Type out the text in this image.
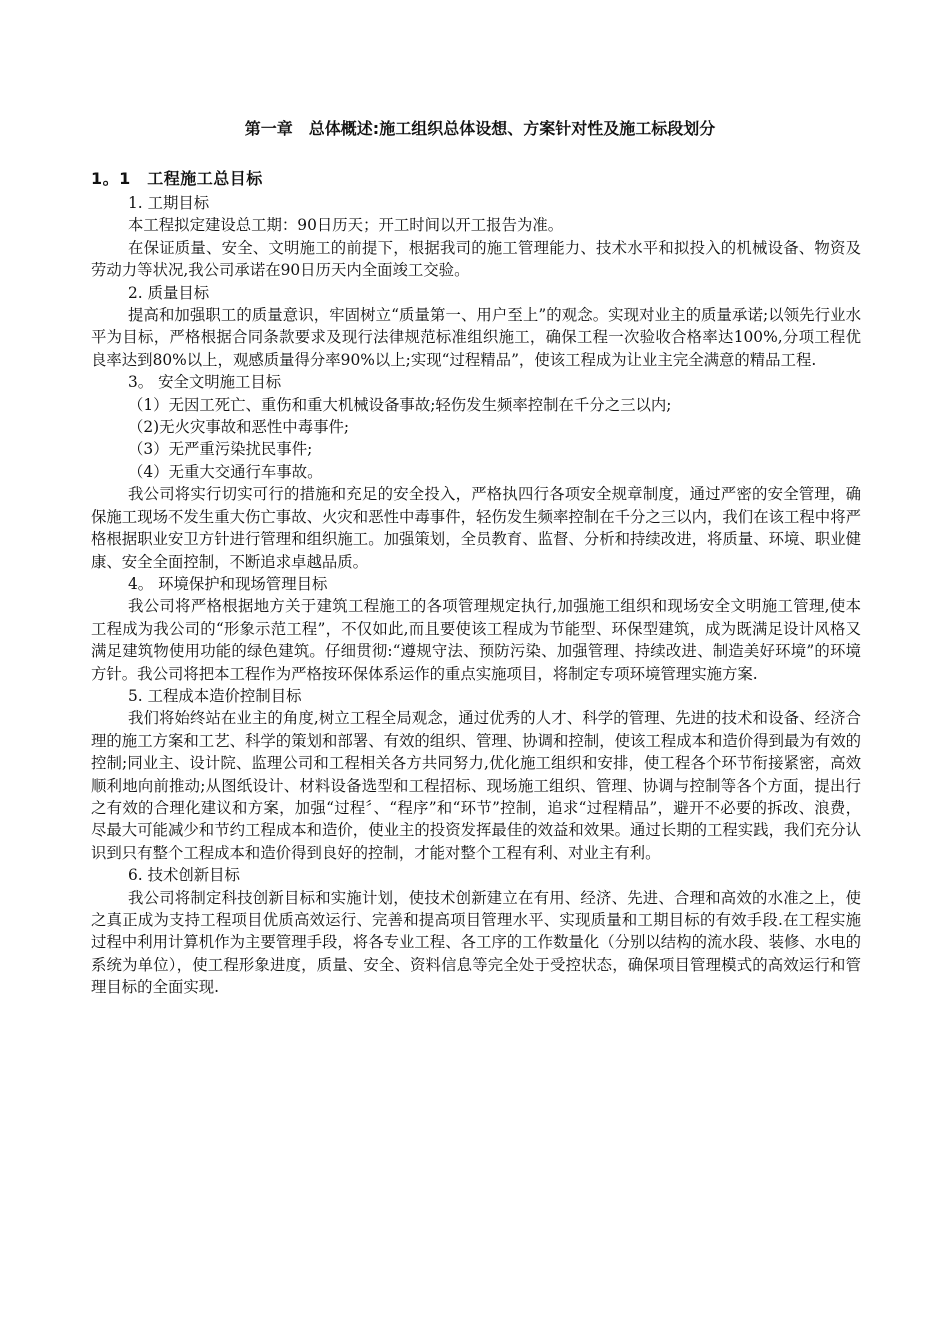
第一章　总体概述:施工组织总体设想、方案针对性及施工标段划分
1。1　工程施工总目标
1. 工期目标

本工程拟定建设总工期：90日历天；开工时间以开工报告为准。

在保证质量、安全、文明施工的前提下，根据我司的施工管理能力、技术水平和拟投入的机械设备、物资及劳动力等状况,我公司承诺在90日历天内全面竣工交验。

2. 质量目标

提高和加强职工的质量意识，牢固树立“质量第一、用户至上”的观念。实现对业主的质量承诺;以领先行业水平为目标，严格根据合同条款要求及现行法律规范标准组织施工，确保工程一次验收合格率达100%,分项工程优良率达到80%以上，观感质量得分率90%以上;实现“过程精品”，使该工程成为让业主完全满意的精品工程.

3。 安全文明施工目标
（1）无因工死亡、重伤和重大机械设备事故;轻伤发生频率控制在千分之三以内;
（2)无火灾事故和恶性中毒事件;
（3）无严重污染扰民事件;
（4）无重大交通行车事故。

我公司将实行切实可行的措施和充足的安全投入，严格执四行各项安全规章制度，通过严密的安全管理，确保施工现场不发生重大伤亡事故、火灾和恶性中毒事件，轻伤发生频率控制在千分之三以内，我们在该工程中将严格根据职业安卫方针进行管理和组织施工。加强策划，全员教育、监督、分析和持续改进，将质量、环境、职业健康、安全全面控制，不断追求卓越品质。

4。 环境保护和现场管理目标

我公司将严格根据地方关于建筑工程施工的各项管理规定执行,加强施工组织和现场安全文明施工管理,使本工程成为我公司的“形象示范工程”，不仅如此,而且要使该工程成为节能型、环保型建筑，成为既满足设计风格又满足建筑物使用功能的绿色建筑。仔细贯彻:“遵规守法、预防污染、加强管理、持续改进、制造美好环境”的环境方针。我公司将把本工程作为严格按环保体系运作的重点实施项目，将制定专项环境管理实施方案.

5. 工程成本造价控制目标

我们将始终站在业主的角度,树立工程全局观念，通过优秀的人才、科学的管理、先进的技术和设备、经济合理的施工方案和工艺、科学的策划和部署、有效的组织、管理、协调和控制，使该工程成本和造价得到最为有效的控制;同业主、设计院、监理公司和工程相关各方共同努力,优化施工组织和安排，使工程各个环节衔接紧密，高效顺利地向前推动;从图纸设计、材料设备选型和工程招标、现场施工组织、管理、协调与控制等各个方面，提出行之有效的合理化建议和方案，加强“过程〞、“程序”和“环节”控制，追求“过程精品”，避开不必要的拆改、浪费，尽最大可能减少和节约工程成本和造价，使业主的投资发挥最佳的效益和效果。通过长期的工程实践，我们充分认识到只有整个工程成本和造价得到良好的控制，才能对整个工程有利、对业主有利。

6. 技术创新目标

我公司将制定科技创新目标和实施计划，使技术创新建立在有用、经济、先进、合理和高效的水准之上，使之真正成为支持工程项目优质高效运行、完善和提高项目管理水平、实现质量和工期目标的有效手段.在工程实施过程中利用计算机作为主要管理手段，将各专业工程、各工序的工作数量化（分别以结构的流水段、装修、水电的系统为单位），使工程形象进度，质量、安全、资料信息等完全处于受控状态，确保项目管理模式的高效运行和管理目标的全面实现.
